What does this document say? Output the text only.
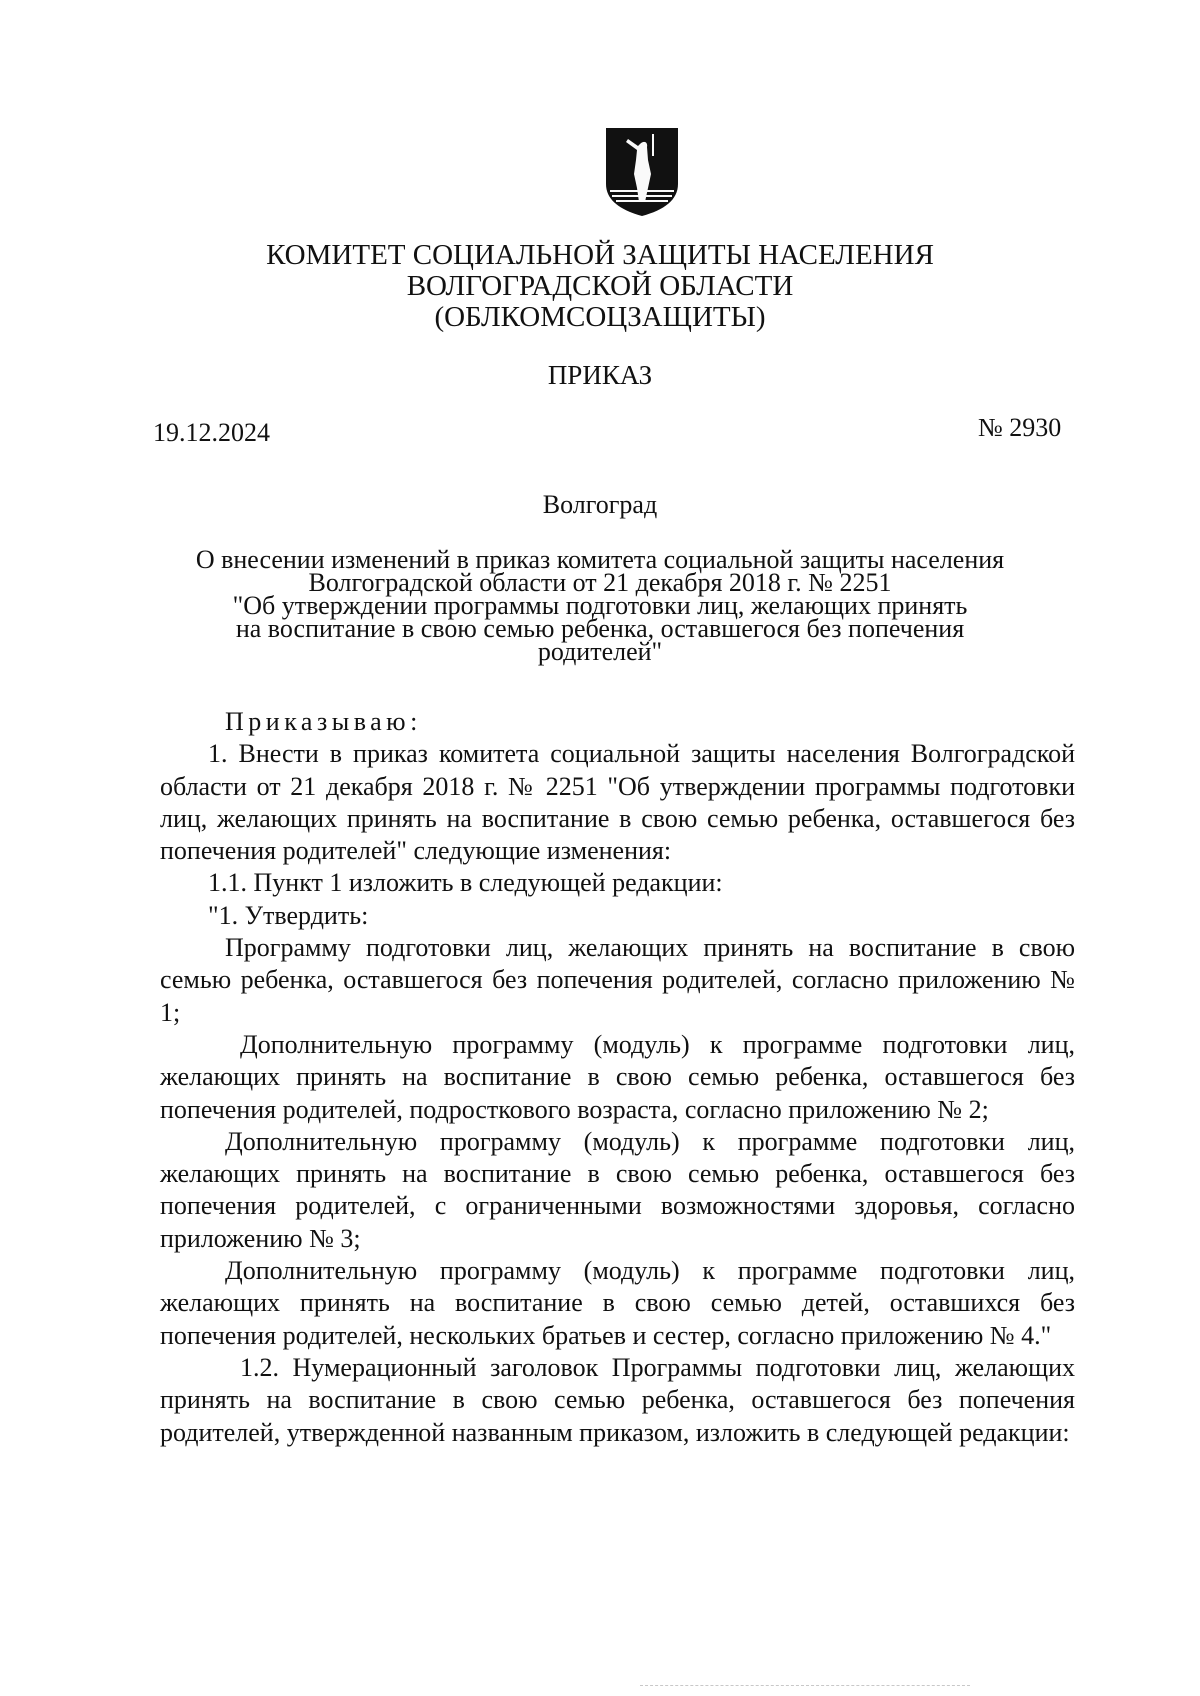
КОМИТЕТ СОЦИАЛЬНОЙ ЗАЩИТЫ НАСЕЛЕНИЯ
ВОЛГОГРАДСКОЙ ОБЛАСТИ
(ОБЛКОМСОЦЗАЩИТЫ)
ПРИКАЗ
19.12.2024	№ 2930
Волгоград
О внесении изменений в приказ комитета социальной защиты населения
Волгоградской области от 21 декабря 2018 г. № 2251
"Об утверждении программы подготовки лиц, желающих принять
на воспитание в свою семью ребенка, оставшегося без попечения
родителей"

Приказываю:

1. Внести в приказ комитета социальной защиты населения Волгоградской области от 21 декабря 2018 г. № 2251 "Об утверждении программы подготовки лиц, желающих принять на воспитание в свою семью ребенка, оставшегося без попечения родителей" следующие изменения:

1.1. Пункт 1 изложить в следующей редакции:

"1. Утвердить:

Программу подготовки лиц, желающих принять на воспитание в свою семью ребенка, оставшегося без попечения родителей, согласно приложению № 1;

Дополнительную программу (модуль) к программе подготовки лиц, желающих принять на воспитание в свою семью ребенка, оставшегося без попечения родителей, подросткового возраста, согласно приложению № 2;

Дополнительную программу (модуль) к программе подготовки лиц, желающих принять на воспитание в свою семью ребенка, оставшегося без попечения родителей, с ограниченными возможностями здоровья, согласно приложению № 3;

Дополнительную программу (модуль) к программе подготовки лиц, желающих принять на воспитание в свою семью детей, оставшихся без попечения родителей, нескольких братьев и сестер, согласно приложению № 4."

1.2. Нумерационный заголовок Программы подготовки лиц, желающих принять на воспитание в свою семью ребенка, оставшегося без попечения родителей, утвержденной названным приказом, изложить в следующей редакции:
